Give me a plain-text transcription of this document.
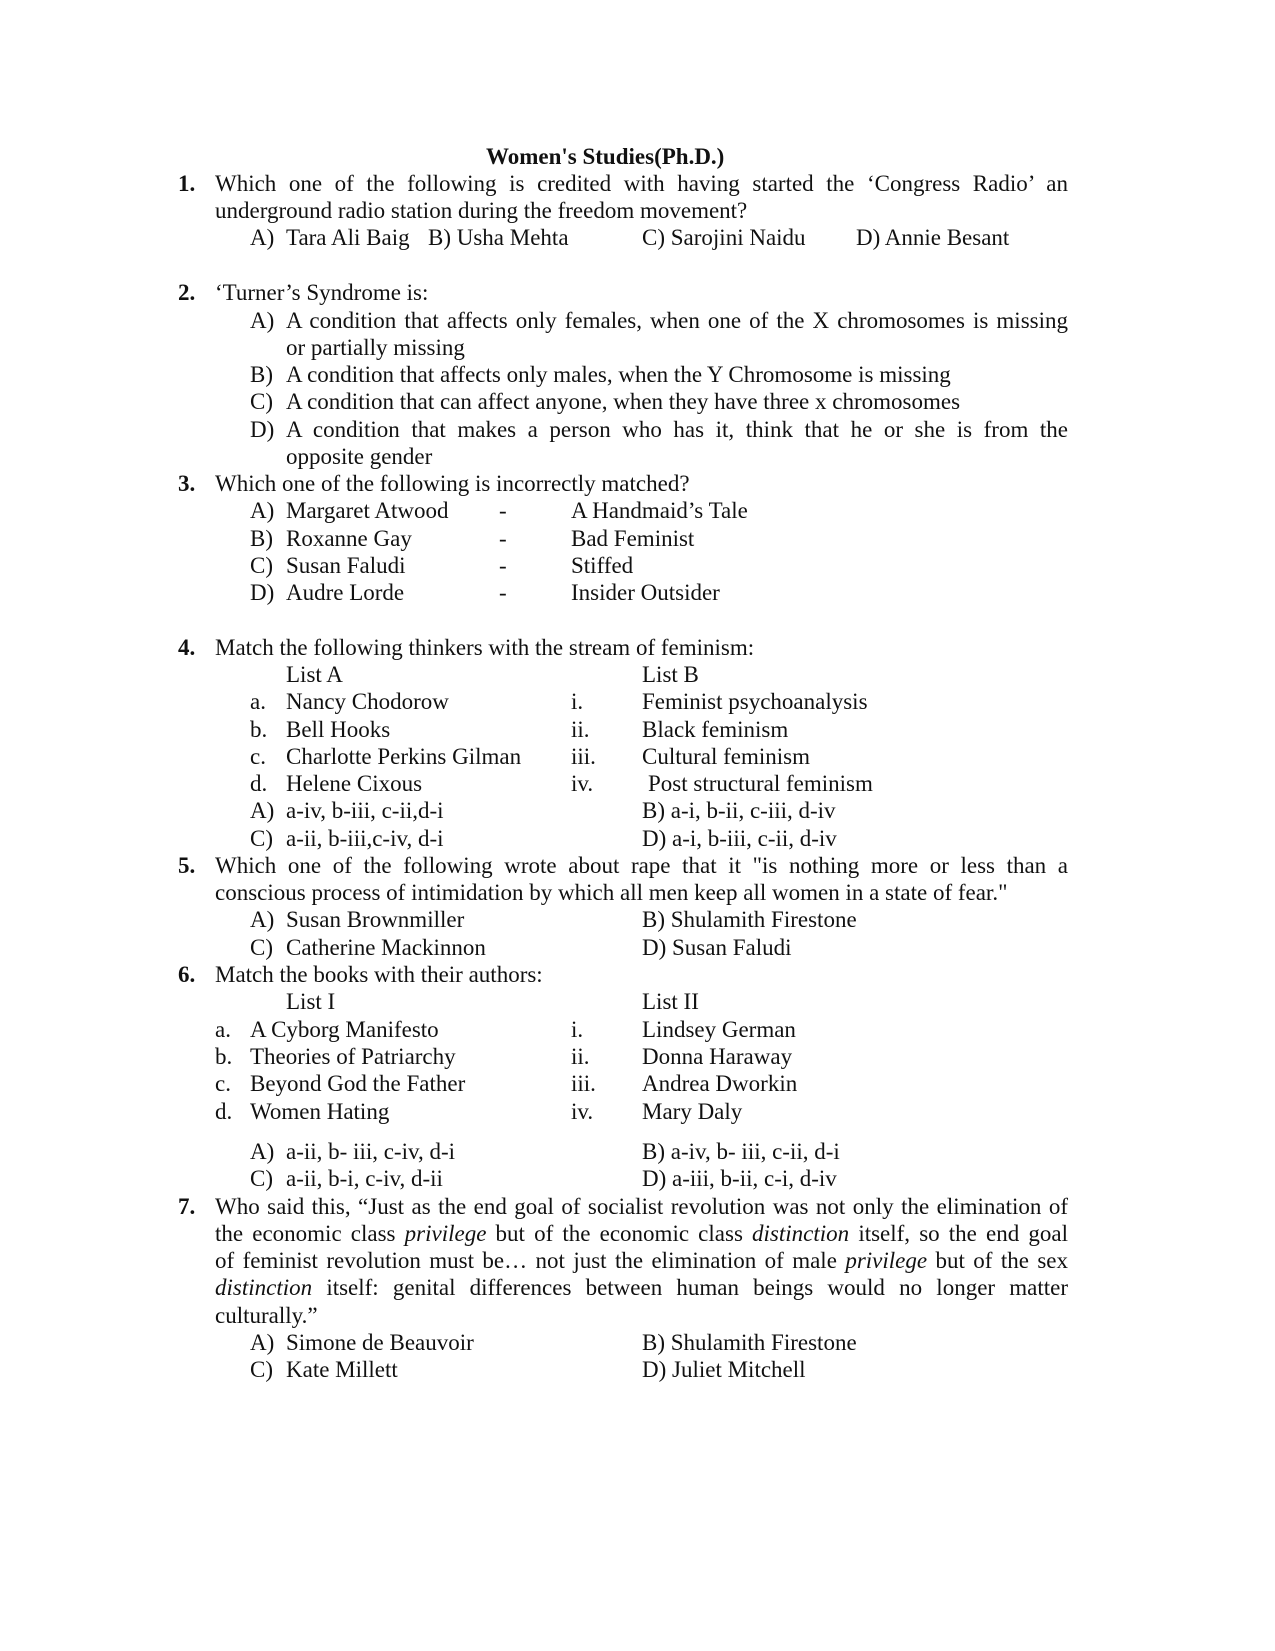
Women's Studies(Ph.D.)
1. Which one of the following is credited with having started the ‘Congress Radio’ an
underground radio station during the freedom movement?
A) Tara Ali Baig B) Usha Mehta	C) Sarojini Naidu D) Annie Besant
2. ‘Turner’s Syndrome is:
A) A condition that affects only females, when one of the X chromosomes is missing
or partially missing
B) A condition that affects only males, when the Y Chromosome is missing
C) A condition that can affect anyone, when they have three x chromosomes
D) A condition that makes a person who has it, think that he or she is from the
opposite gender
3. Which one of the following is incorrectly matched?
A) Margaret Atwood -	A Handmaid’s Tale
B) Roxanne Gay	-	Bad Feminist
C) Susan Faludi	-	Stiffed
D) Audre Lorde	-	Insider Outsider
4. Match the following thinkers with the stream of feminism:
List A	List B
a. Nancy Chodorow	i.	Feminist psychoanalysis
b. Bell Hooks	ii. Black feminism
c. Charlotte Perkins Gilman iii. Cultural feminism
d. Helene Cixous	iv. Post structural feminism
A) a-iv, b-iii, c-ii,d-i	B) a-i, b-ii, c-iii, d-iv
C) a-ii, b-iii,c-iv, d-i	D) a-i, b-iii, c-ii, d-iv
5. Which one of the following wrote about rape that it "is nothing more or less than a
conscious process of intimidation by which all men keep all women in a state of fear."
A) Susan Brownmiller	B) Shulamith Firestone
C) Catherine Mackinnon	D) Susan Faludi
6. Match the books with their authors:
List I	List II
a. A Cyborg Manifesto	i.	Lindsey German
b. Theories of Patriarchy	ii. Donna Haraway
c. Beyond God the Father	iii. Andrea Dworkin
d. Women Hating	iv. Mary Daly
A) a-ii, b- iii, c-iv, d-i	B) a-iv, b- iii, c-ii, d-i
C) a-ii, b-i, c-iv, d-ii	D) a-iii, b-ii, c-i, d-iv
7. Who said this, “Just as the end goal of socialist revolution was not only the elimination of
the economic class privilege but of the economic class distinction itself, so the end goal
of feminist revolution must be… not just the elimination of male privilege but of the sex
distinction itself: genital differences between human beings would no longer matter
culturally.”
A) Simone de Beauvoir	B) Shulamith Firestone
C) Kate Millett	D) Juliet Mitchell
